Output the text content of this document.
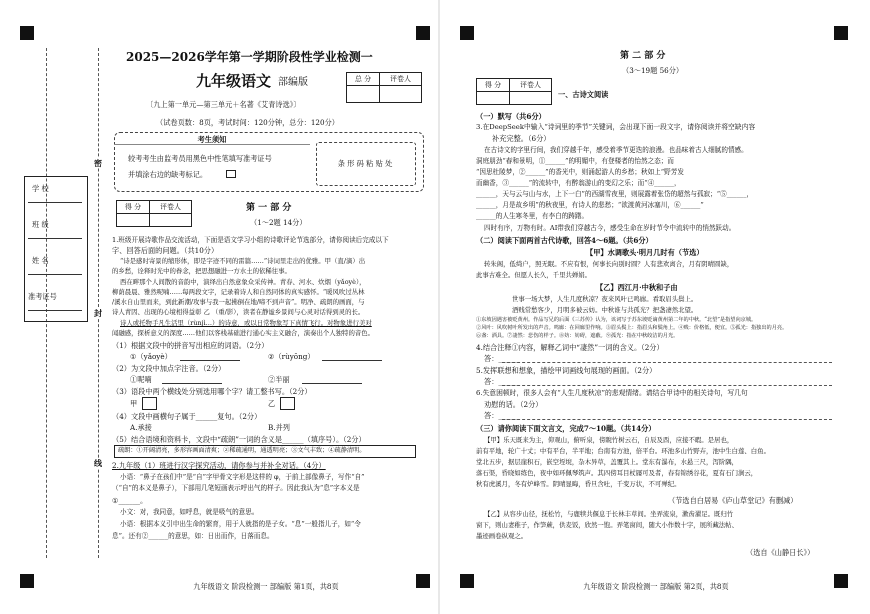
密
封
线
学 校
班 级
姓 名
准考证号
2025—2026学年第一学期阶段性学业检测一
九年级语文 部编版	总 分	评卷人

〔九上第一单元—第三单元＋名著《艾青诗选》〕
（试卷页数：8页，考试时间：120分钟，总分：120分）
考生须知
较考考生由监考员用黑色中性笔填写准考证号
并填涂右边的缺考标记。
条 形 码 粘 贴 处
得 分	评卷人
		第 一 部 分
（1～2题 14分）
1.班级开展诗歌作品交流活动，下面是语文学习小组的诗歌评论节选部分，请你阅读后完成以下
字、回答后面的问题。（共10分）
“诗是感时寄景的缩形体，即是字迹不同的雷篇……”诗词里走出的优雅。甲（直/滴）出
的乡愁，诠释时光中的眷念，把思想融进一方水土的依稀往事。
西在畔那个人间散的音韵中，演绎出自然意象众采传神。青春、河水、炊烟（yǎoyè），
柳荫晨晨、雅然呢喃……每两段文字，记录着诗人和自然同体的真实感怀。“暖风吹过丛林
/溪水自山里而来，到此新潮/攻事与我一起拂倒在地/啼不到声音”。明净、疏朗的画面，与
诗人青因、出现的心境相得益彰 乙 （重/影），读者在静谧乡景间与心灵对话得到灵的长。
诗人或托物手凡生活里（rùnjì…）的诗意，或以日常物象写下真情飞行。对物象进行美对
闻融感，探析意义的深度……他们以客栈基础进行通心实主义融合，演奏出个人独特的音色。
（1）根据文段中的拼音写出相应的词语。（2分）
①（yǎoyè）	②（rùyōng）
（2）为文段中加点字注音。（2分）
①呢喃	②半丽
（3）语段中两个横线处分别选用哪个字？请工整书写。（2分）
甲	乙
（4）文段中画横句子属于______复句。（2分）
A.承接	B.并列
（5）结合语境和资料卡，文段中“疏朗”一词的含义是______（填序号）。（2分）
疏朗：①开阔清亮，多形容画面清爽；②稀疏通明，通透明亮；③文气丰致；④疏静清明。
2.九年级（1）班进行汉字探究活动，请你参与并补全对话。（4分）
小语：“鼻子在孩们中”是“自”字甲骨文字形是这样的 φ，于前上部像鼻子，写作“自”
（“自”的本义是鼻子），下部用几笔短画表示呼出气的样子。因此我认为“息”字本义是
①______。
小文：对，我同意，如呼息，就是吸气的意思。
小语：根据本义引申出生命的繁育，用于人就指的是子女。“息”一般指儿子，如“令
息”。还有②______的意思，如：日出而作，日落而息。
九年级语文 阶段检测一 部编版 第1页，共8页
第 二 部 分
（3～19题 56分）
得 分	评卷人

一、古诗文阅读
（一）默写（共6分）
3.在DeepSeek中输入“诗词里的季节”关键词，会出现下面一段文字，请你阅读并将空缺内容
补充完整。（6分）
在古诗文的字里行间，我们穿越千年，感受着季节更迭的浪漫。也品味着古人细腻的情感。
洞庭朋劲“春和景明，①______”的明媚中，有登楼者的怡然之态；而
“因思杜陵梦，②______”的香光中，则涌起游人的乡愁；秋如上“野芳发
而幽香，③______”的流转中，有醉翁游山的变幻之乐；而“④______，
______，天与云与山与水，上下一白”的西湖雪夜里，则展露着张岱的超然与孤寂；“⑤______，
______，月是故乡明”的秋夜里，有诗人的悲愁；“欲渡黄河冰塞川，⑥______”
______的人生寒冬里，有李白的踌躇。
四时有序，万物有时。AI带我们穿越古今，感受生命在岁时节令中流转中的悄然跃动。
（二）阅读下面两首古代诗歌，回答4～6题。（共6分）
【甲】水调歌头·明月几时有（节选）
转朱阁，低绮户，照无眠。不应有恨，何事长向别时圆？人有悲欢离合，月有阴晴圆缺，
此事古难全。但愿人长久，千里共婵娟。
【乙】西江月·中秋和子由
世事一场大梦，人生几度秋凉？夜来风叶已鸣廊。看取眉头鬓上。
酒贱常愁客少，月明多被云妨。中秋谁与共孤光？把盏凄然北望。
①东坡因遇害被贬黄州。作品写兄的后面《三苏传》认为，该词写于苏东坡贬谪黄州第二年的中秋。“北望”是指望向京城。
②风叶：风吹树叶所发出的声音。鸣廊：在回廊里作响。③眉头鬓上：指眉头和鬓角上。④贱：价格低，便宜。⑤孤光：指独出的月亮。
⑥盏：酒具。⑦凄然：悲伤的样子。⑧妨：妨碍，遮蔽。⑨孤光：指在中秋皎洁的月光。
4.结合注释①内容，解释乙词中“凄然”一词的含义。（2分）
答：______
5.发挥联想和想象，描绘甲词画线句展现的画面。（2分）
答：______
6.失意困顿时，很多人会有“人生几度秋凉”的悲观情绪。请结合甲诗中的相关诗句，写几句
劝慰的话。（2分）
答：______
（三）请你阅读下面文言文，完成7～10题。（共14分）
【甲】乐天既来为主，仰观山，俯听泉，傍睨竹树云石，自辰及酉，应接不暇。是居也，
前有平地，轮广十丈；中有平台，半平地；台南有方池，倍平台。环池多山竹野卉，池中生白莲、白鱼。
堂北五步，据层崖积石，嵌空垤堄，杂木异草，盖覆其上。堂东有瀑布，水悬三尺，泻阶隅，
落石渠，昏晓如练色，夜中如环佩琴筑声。其四傍耳目杖屦可及者，春有锦绣谷花，夏有石门涧云，
秋有虎溪月，冬有炉峰雪。阴晴显晦，昏旦含吐，千变万状，不可殚纪。
（节选自白居易《庐山草堂记》有删减）
【乙】从容步山径，抚松竹，与鹿犊共偃息于长林丰草间。坐弄流泉，漱齿濯足。既归竹
窗下，则山妻稚子，作笋蕨，供麦饭，欣然一饱。弄笔窗间，随大小作数十字，展所藏法帖、
墨迹画卷纵观之。
（选自《山静日长》）
九年级语文 阶段检测一 部编版 第2页，共8页
